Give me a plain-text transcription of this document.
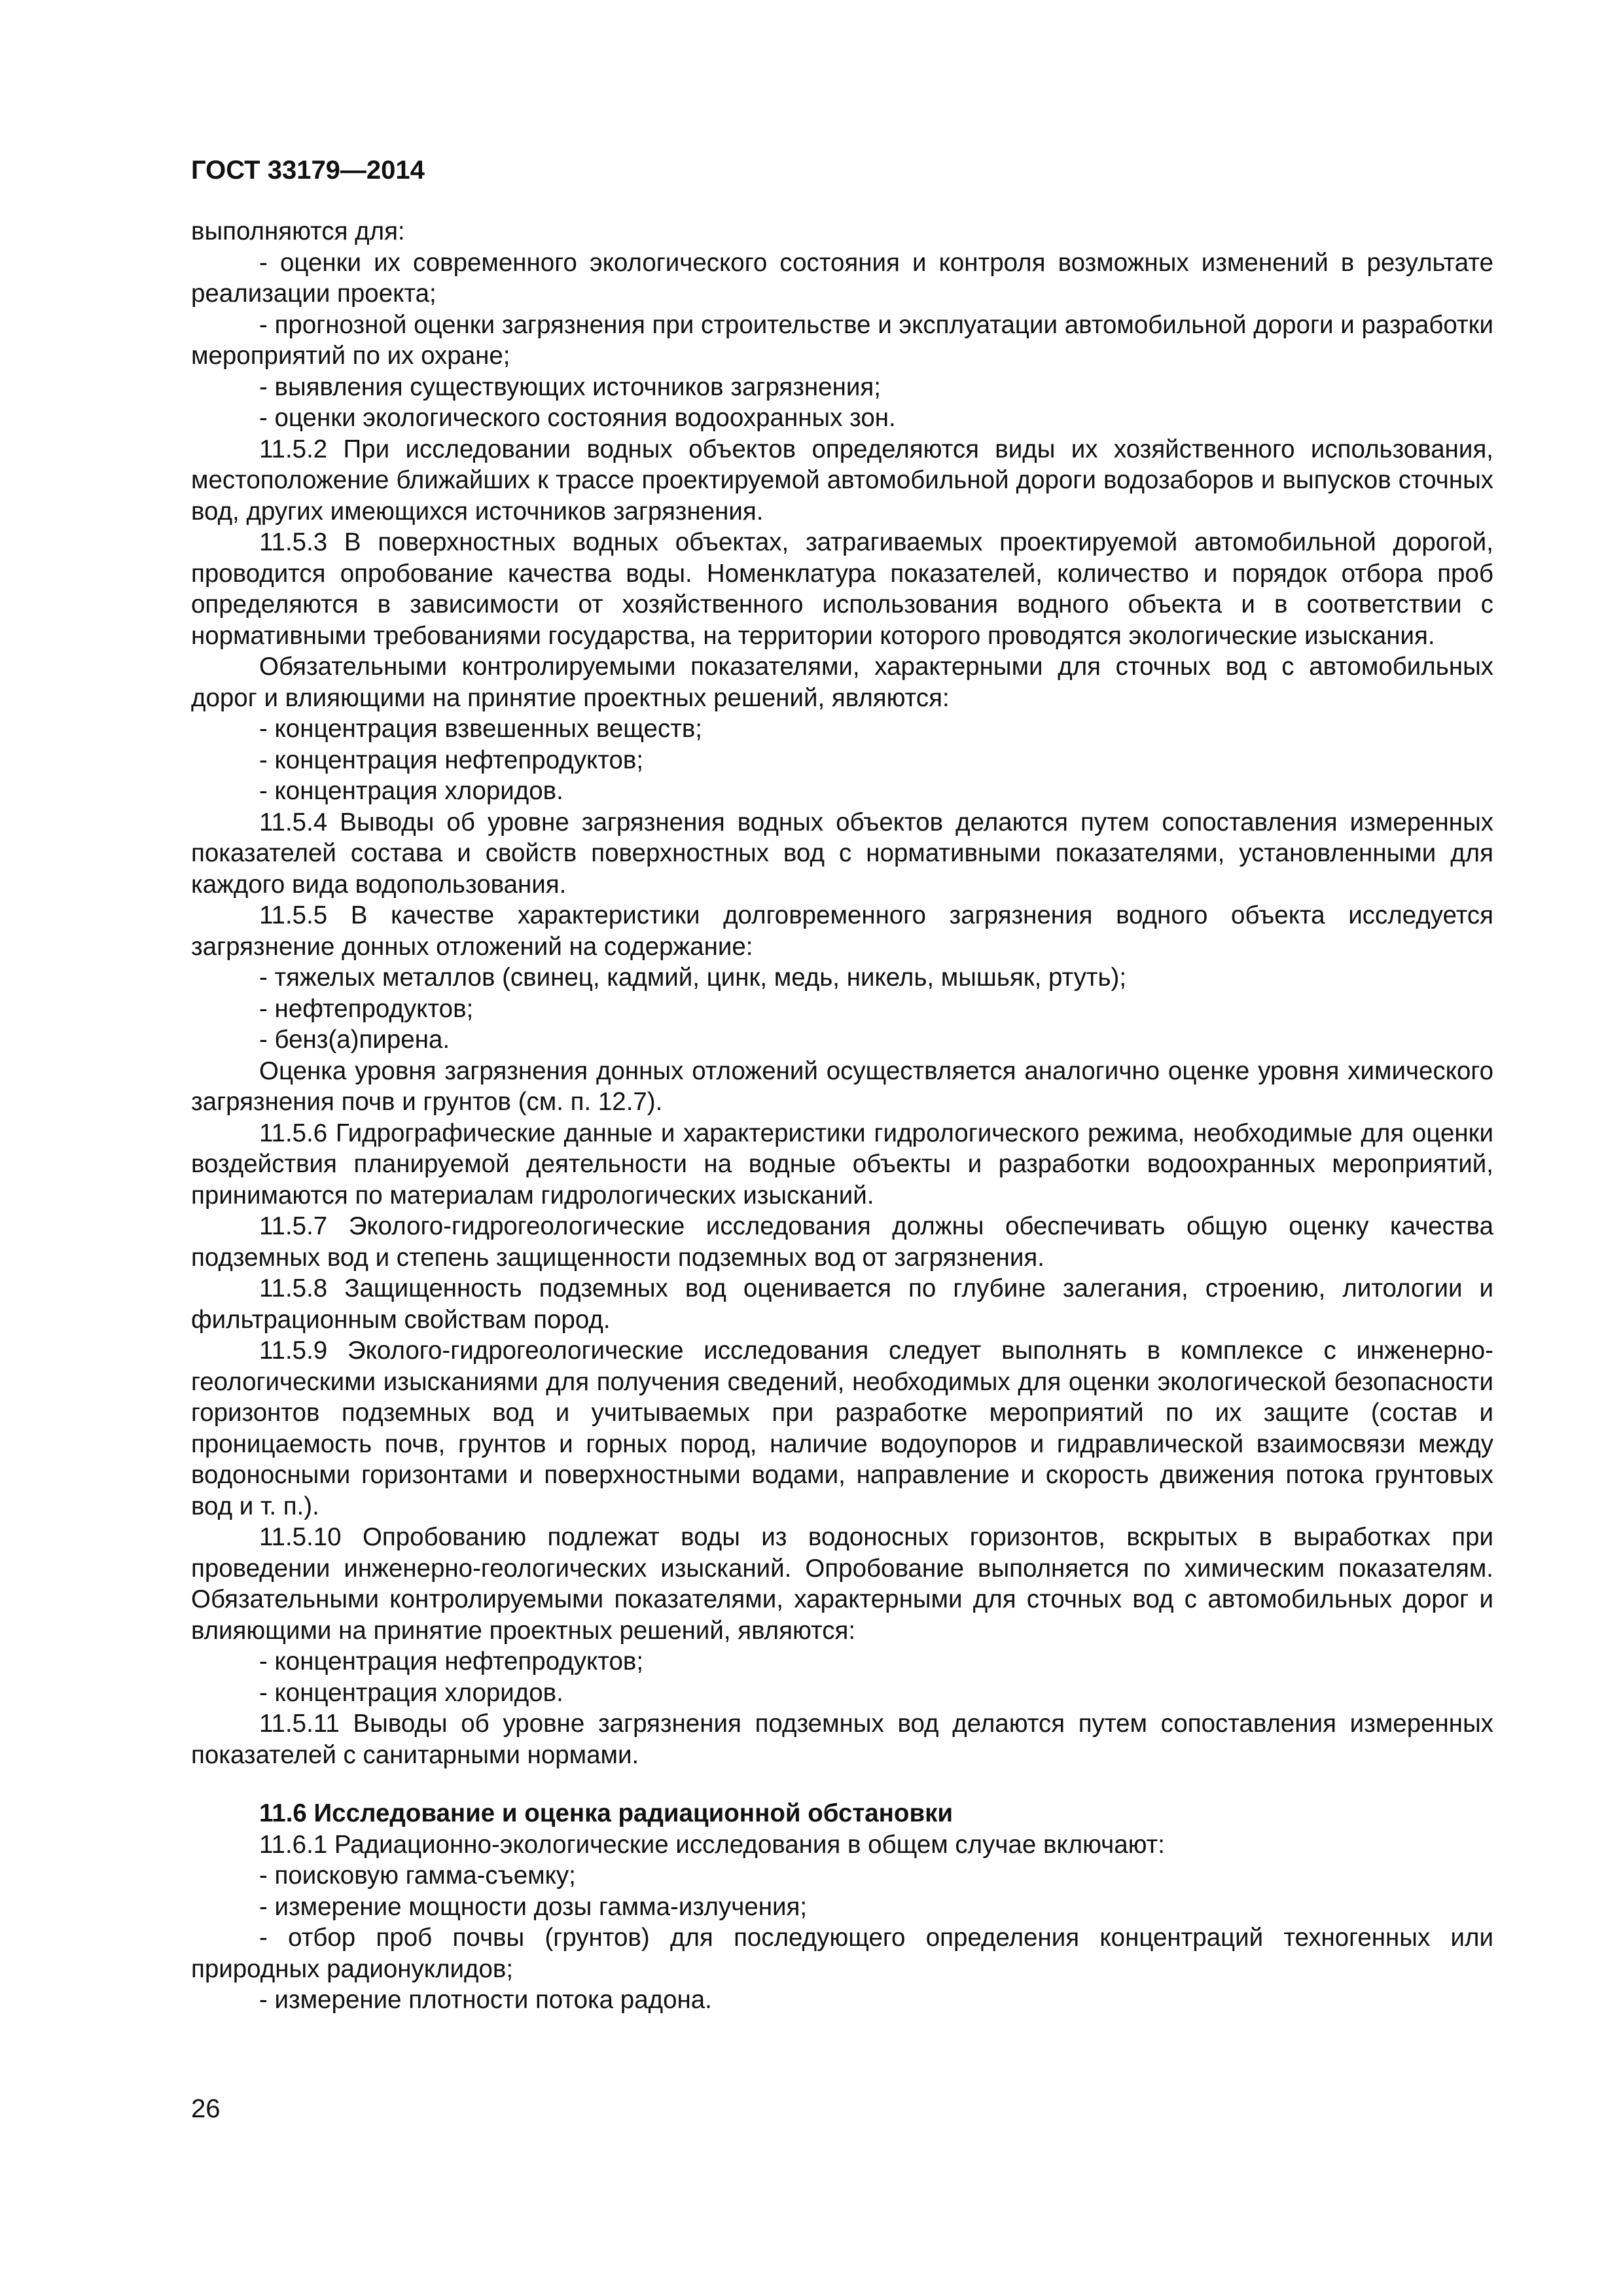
ГОСТ 33179—2014

выполняются для:

- оценки их современного экологического состояния и контроля возможных изменений в результате реализации проекта;

- прогнозной оценки загрязнения при строительстве и эксплуатации автомобильной дороги и разработки мероприятий по их охране;

- выявления существующих источников загрязнения;

- оценки экологического состояния водоохранных зон.

11.5.2 При исследовании водных объектов определяются виды их хозяйственного использования, местоположение ближайших к трассе проектируемой автомобильной дороги водозаборов и выпусков сточных вод, других имеющихся источников загрязнения.

11.5.3 В поверхностных водных объектах, затрагиваемых проектируемой автомобильной дорогой, проводится опробование качества воды. Номенклатура показателей, количество и порядок отбора проб определяются в зависимости от хозяйственного использования водного объекта и в соответствии с нормативными требованиями государства, на территории которого проводятся экологические изыскания.

Обязательными контролируемыми показателями, характерными для сточных вод с автомобильных дорог и влияющими на принятие проектных решений, являются:

- концентрация взвешенных веществ;

- концентрация нефтепродуктов;

- концентрация хлоридов.

11.5.4 Выводы об уровне загрязнения водных объектов делаются путем сопоставления измеренных показателей состава и свойств поверхностных вод с нормативными показателями, установленными для каждого вида водопользования.

11.5.5 В качестве характеристики долговременного загрязнения водного объекта исследуется загрязнение донных отложений на содержание:

- тяжелых металлов (свинец, кадмий, цинк, медь, никель, мышьяк, ртуть);

- нефтепродуктов;

- бенз(а)пирена.

Оценка уровня загрязнения донных отложений осуществляется аналогично оценке уровня химического загрязнения почв и грунтов (см. п. 12.7).

11.5.6 Гидрографические данные и характеристики гидрологического режима, необходимые для оценки воздействия планируемой деятельности на водные объекты и разработки водоохранных мероприятий, принимаются по материалам гидрологических изысканий.

11.5.7 Эколого-гидрогеологические исследования должны обеспечивать общую оценку качества подземных вод и степень защищенности подземных вод от загрязнения.

11.5.8 Защищенность подземных вод оценивается по глубине залегания, строению, литологии и фильтрационным свойствам пород.

11.5.9 Эколого-гидрогеологические исследования следует выполнять в комплексе с инженерно-геологическими изысканиями для получения сведений, необходимых для оценки экологической безопасности горизонтов подземных вод и учитываемых при разработке мероприятий по их защите (состав и проницаемость почв, грунтов и горных пород, наличие водоупоров и гидравлической взаимосвязи между водоносными горизонтами и поверхностными водами, направление и скорость движения потока грунтовых вод и т. п.).

11.5.10 Опробованию подлежат воды из водоносных горизонтов, вскрытых в выработках при проведении инженерно-геологических изысканий. Опробование выполняется по химическим показателям. Обязательными контролируемыми показателями, характерными для сточных вод с автомобильных дорог и влияющими на принятие проектных решений, являются:

- концентрация нефтепродуктов;

- концентрация хлоридов.

11.5.11 Выводы об уровне загрязнения подземных вод делаются путем сопоставления измеренных показателей с санитарными нормами.

11.6 Исследование и оценка радиационной обстановки

11.6.1 Радиационно-экологические исследования в общем случае включают:

- поисковую гамма-съемку;

- измерение мощности дозы гамма-излучения;

- отбор проб почвы (грунтов) для последующего определения концентраций техногенных или природных радионуклидов;

- измерение плотности потока радона.

26
